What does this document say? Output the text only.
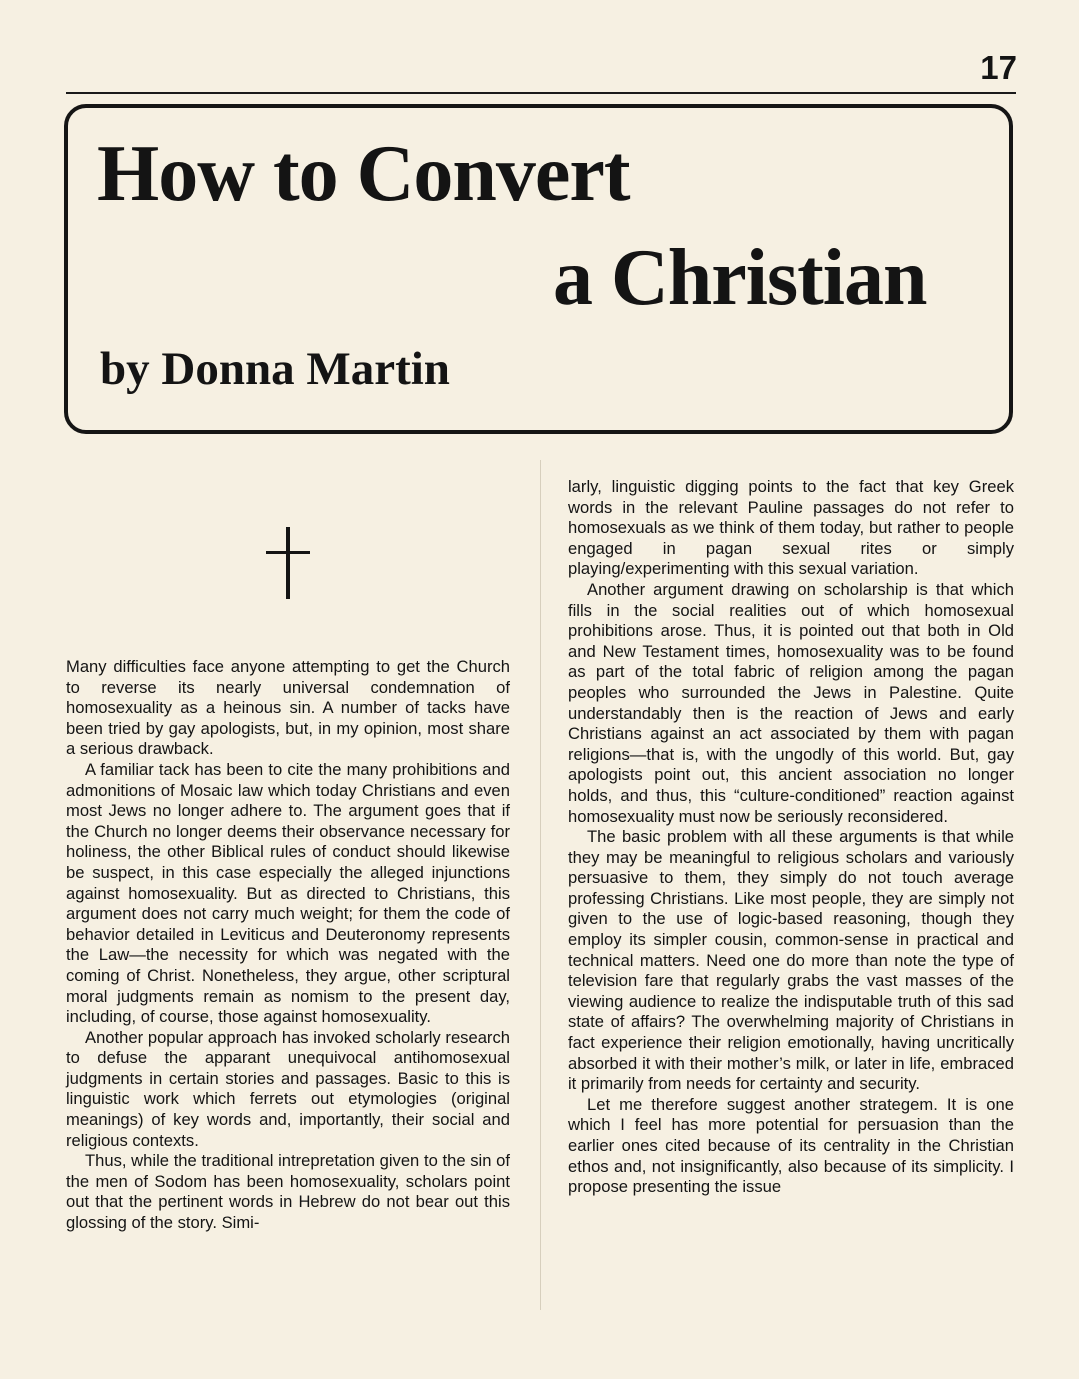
17
How to Convert
a Christian
by Donna Martin

Many difficulties face anyone attempting to get the Church to reverse its nearly universal condemnation of homosexuality as a heinous sin. A number of tacks have been tried by gay apologists, but, in my opinion, most share a serious drawback.

A familiar tack has been to cite the many prohibitions and admonitions of Mosaic law which today Christians and even most Jews no longer adhere to. The argument goes that if the Church no longer deems their observance necessary for holiness, the other Biblical rules of conduct should likewise be suspect, in this case especially the alleged injunctions against homosexuality. But as directed to Christians, this argument does not carry much weight; for them the code of behavior detailed in Leviticus and Deuteronomy represents the Law—the necessity for which was negated with the coming of Christ. Nonetheless, they argue, other scriptural moral judgments remain as nomism to the present day, including, of course, those against homosexuality.

Another popular approach has invoked scholarly research to defuse the apparant unequivocal antihomosexual judgments in certain stories and passages. Basic to this is linguistic work which ferrets out etymologies (original meanings) of key words and, importantly, their social and religious contexts.

Thus, while the traditional intrepretation given to the sin of the men of Sodom has been homosexuality, scholars point out that the pertinent words in Hebrew do not bear out this glossing of the story. Simi-

larly, linguistic digging points to the fact that key Greek words in the relevant Pauline passages do not refer to homosexuals as we think of them today, but rather to people engaged in pagan sexual rites or simply playing/experimenting with this sexual variation.

Another argument drawing on scholarship is that which fills in the social realities out of which homosexual prohibitions arose. Thus, it is pointed out that both in Old and New Testament times, homosexuality was to be found as part of the total fabric of religion among the pagan peoples who surrounded the Jews in Palestine. Quite understandably then is the reaction of Jews and early Christians against an act associated by them with pagan religions—that is, with the ungodly of this world. But, gay apologists point out, this ancient association no longer holds, and thus, this “culture-conditioned” reaction against homosexuality must now be seriously reconsidered.

The basic problem with all these arguments is that while they may be meaningful to religious scholars and variously persuasive to them, they simply do not touch average professing Christians. Like most people, they are simply not given to the use of logic-based reasoning, though they employ its simpler cousin, common-sense in practical and technical matters. Need one do more than note the type of television fare that regularly grabs the vast masses of the viewing audience to realize the indisputable truth of this sad state of affairs? The overwhelming majority of Christians in fact experience their religion emotionally, having uncritically absorbed it with their mother’s milk, or later in life, embraced it primarily from needs for certainty and security.

Let me therefore suggest another strategem. It is one which I feel has more potential for persuasion than the earlier ones cited because of its centrality in the Christian ethos and, not insignificantly, also because of its simplicity. I propose presenting the issue
